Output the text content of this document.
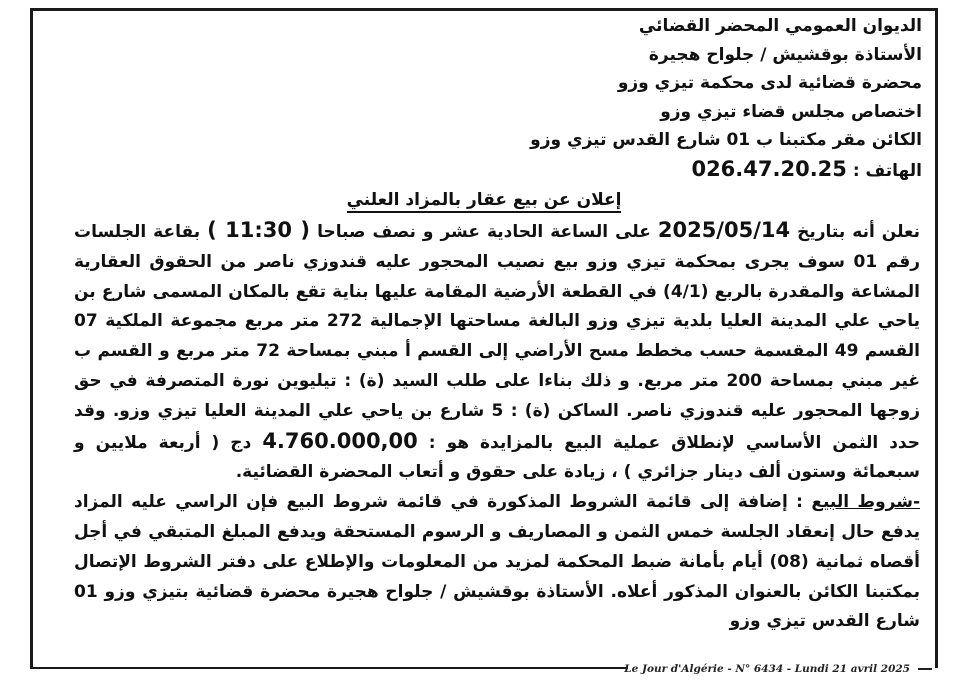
الديوان العمومي المحضر القضائي
الأستاذة بوقشيش / جلواح هجيرة
محضرة قضائية لدى محكمة تيزي وزو
اختصاص مجلس قضاء تيزي وزو
الكائن مقر مكتبنا ب 01 شارع القدس تيزي وزو
الهاتف : 026.47.20.25
إعلان عن بيع عقار بالمزاد العلني

نعلن أنه بتاريخ 2025/05/14 على الساعة الحادية عشر و نصف صباحا ( 11:30 ) بقاعة الجلسات رقم 01 سوف يجرى بمحكمة تيزي وزو بيع نصيب المحجور عليه قندوزي ناصر من الحقوق العقارية المشاعة والمقدرة بالربع (4/1) في القطعة الأرضية المقامة عليها بناية تقع بالمكان المسمى شارع بن ياحي علي المدينة العليا بلدية تيزي وزو البالغة مساحتها الإجمالية 272 متر مربع مجموعة الملكية 07 القسم 49 المقسمة حسب مخطط مسح الأراضي إلى القسم أ مبني بمساحة 72 متر مربع و القسم ب غير مبني بمساحة 200 متر مربع. و ذلك بناءا على طلب السيد (ة) : تيليوين نورة المتصرفة في حق زوجها المحجور عليه قندوزي ناصر. الساكن (ة) : 5 شارع بن ياحي علي المدينة العليا تيزي وزو. وقد حدد الثمن الأساسي لإنطلاق عملية البيع بالمزايدة هو : 4.760.000,00 دج ( أربعة ملايين و سبعمائة وستون ألف دينار جزائري ) ، زيادة على حقوق و أتعاب المحضرة القضائية.

-شروط البيع : إضافة إلى قائمة الشروط المذكورة في قائمة شروط البيع فإن الراسي عليه المزاد يدفع حال إنعقاد الجلسة خمس الثمن و المصاريف و الرسوم المستحقة ويدفع المبلغ المتبقي في أجل أقصاه ثمانية (08) أيام بأمانة ضبط المحكمة لمزيد من المعلومات والإطلاع على دفتر الشروط الإتصال بمكتبنا الكائن بالعنوان المذكور أعلاه. الأستاذة بوقشيش / جلواح هجيرة محضرة قضائية بتيزي وزو 01 شارع القدس تيزي وزو

Le Jour d'Algérie - N° 6434 - Lundi 21 avril 2025
